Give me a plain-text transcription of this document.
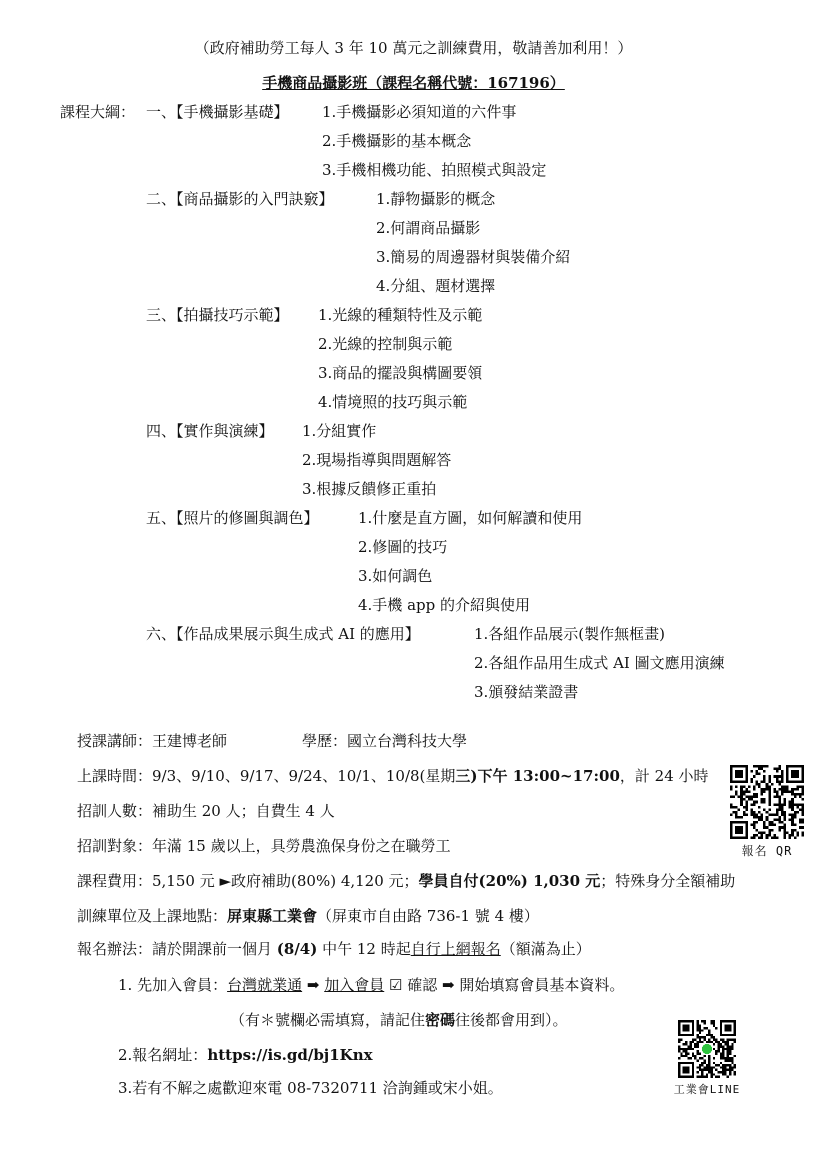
（政府補助勞工每人 3 年 10 萬元之訓練費用，敬請善加利用！）
手機商品攝影班（課程名稱代號：167196）
課程大綱： 一、【手機攝影基礎】 1.手機攝影必須知道的六件事
2.手機攝影的基本概念
3.手機相機功能、拍照模式與設定
二、【商品攝影的入門訣竅】	1.靜物攝影的概念
2.何謂商品攝影
3.簡易的周邊器材與裝備介紹
4.分組、題材選擇
三、【拍攝技巧示範】 1.光線的種類特性及示範
2.光線的控制與示範
3.商品的擺設與構圖要領
4.情境照的技巧與示範
四、【實作與演練】 1.分組實作
2.現場指導與問題解答
3.根據反饋修正重拍
五、【照片的修圖與調色】	1.什麼是直方圖，如何解讀和使用
2.修圖的技巧
3.如何調色
4.手機 app 的介紹與使用
六、【作品成果展示與生成式 AI 的應用】	1.各組作品展示(製作無框畫)
2.各組作品用生成式 AI 圖文應用演練
3.頒發結業證書
授課講師：王建博老師	學歷：國立台灣科技大學
上課時間：9/3、9/10、9/17、9/24、10/1、10/8(星期三)下午 13:00~17:00，計 24 小時
招訓人數：補助生 20 人；自費生 4 人
招訓對象：年滿 15 歲以上，具勞農漁保身份之在職勞工
課程費用：5,150 元 ►政府補助(80%) 4,120 元；學員自付(20%) 1,030 元；特殊身分全額補助
訓練單位及上課地點：屏東縣工業會（屏東市自由路 736-1 號 4 樓）
報名辦法：請於開課前一個月 (8/4) 中午 12 時起自行上網報名（額滿為止）
1. 先加入會員：台灣就業通 ➡ 加入會員 ☑ 確認 ➡ 開始填寫會員基本資料。
（有＊號欄必需填寫，請記住密碼往後都會用到）。
2.報名網址：https://is.gd/bj1Knx
3.若有不解之處歡迎來電 08-7320711 洽詢鍾或宋小姐。
報名 QR
工業會LINE
